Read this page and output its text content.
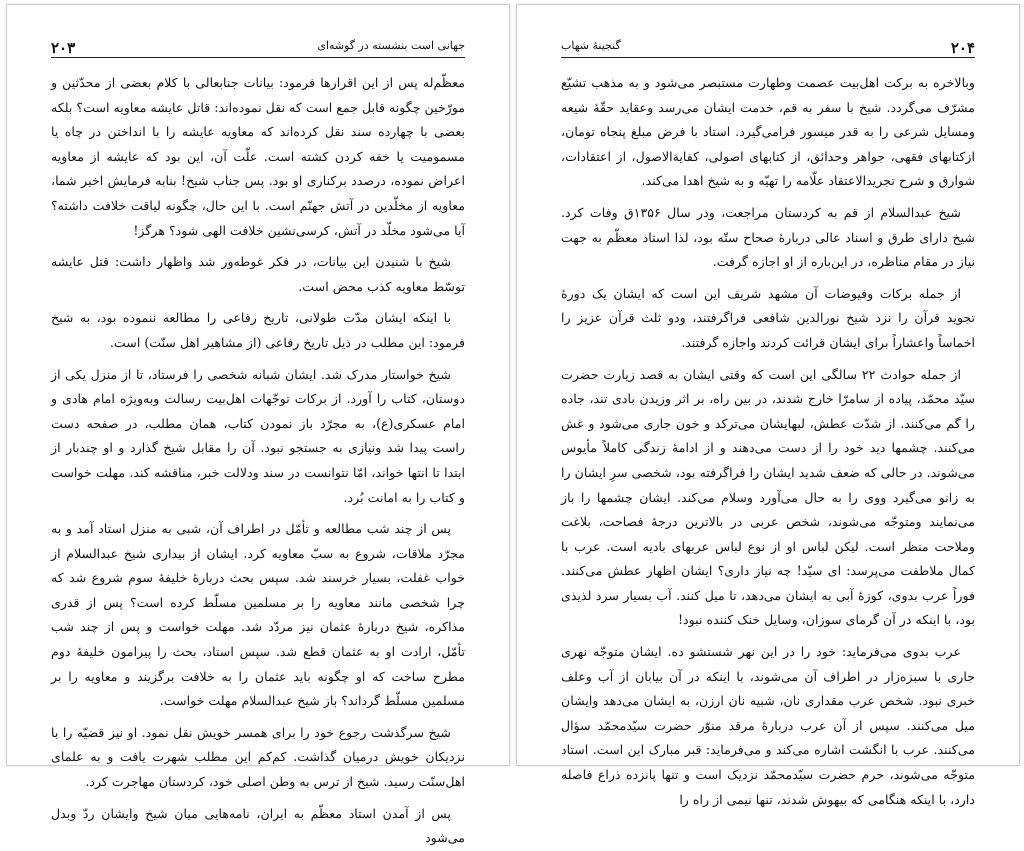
۲۰۳	جهانی است بنشسته در گوشه‌ای

معظّم‌له پس از این اقرارها فرمود: بیانات جنابعالی با کلام بعضی از محدّثین و مورّخین چگونه قابل جمع است که نقل نموده‌اند: قاتل عایشه معاویه است؟ بلکه بعضی با چهارده سند نقل کرده‌اند که معاویه عایشه را با انداختن در چاه یا مسمومیت یا خفه کردن کشته است. علّت آن، این بود که عایشه از معاویه اعراض نموده، درصدد برکناری او بود. پس جناب شیخ! بنابه فرمایش اخیر شما، معاویه از مخلّدین در آتش جهنّم است. با این حال، چگونه لیاقت خلافت داشته؟ آیا می‌شود مخلّد در آتش، کرسی‌نشین خلافت الهی شود؟ هرگز!

شیخ با شنیدن این بیانات، در فکر غوطه‌ور شد واظهار داشت: قتل عایشه توسّط معاویه کذب محض است.

با اینکه ایشان مدّت طولانی، تاریخ رفاعی را مطالعه ننموده بود، به شیخ فرمود: این مطلب در ذیل تاریخ رفاعی (از مشاهیر اهل سنّت) است.

شیخ خواستار مدرک شد. ایشان شبانه شخصی را فرستاد، تا از منزل یکی از دوستان، کتاب را آورد. از برکات توجّهات اهل‌بیت رسالت وبه‌ویژه امام هادی و امام عسکری(ع)، به مجرّد باز نمودن کتاب، همان مطلب، در صفحه دست راست پیدا شد ونیازی به جستجو نبود. آن را مقابل شیخ گذارد و او چندبار از ابتدا تا انتها خواند، امّا نتوانست در سند ودلالت خبر، مناقشه کند. مهلت خواست و کتاب را به امانت بُرد.

پس از چند شب مطالعه و تأمّل در اطراف آن، شبی به منزل استاد آمد و به مجرّد ملاقات، شروع به سبّ معاویه کرد. ایشان از بیداری شیخ عبدالسلام از خواب غفلت، بسیار خرسند شد. سپس بحث دربارهٔ خلیفهٔ سوم شروع شد که چرا شخصی مانند معاویه را بر مسلمین مسلّط کرده است؟ پس از قدری مذاکره، شیخ دربارهٔ عثمان نیز مردّد شد. مهلت خواست و پس از چند شب تأمّل، ارادت او به عثمان قطع شد. سپس استاد، بحث را پیرامون خلیفهٔ دوم مطرح ساخت که او چگونه باید عثمان را به خلافت برگزیند و معاویه را بر مسلمین مسلّط گرداند؟ باز شیخ عبدالسلام مهلت خواست.

شیخ سرگذشت رجوع خود را برای همسر خویش نقل نمود. او نیز قضیّه را با نزدیکان خویش درمیان گذاشت. کم‌کم این مطلب شهرت یافت و به علمای اهل‌سنّت رسید. شیخ از ترس به وطن اصلی خود، کردستان مهاجرت کرد.

پس از آمدن استاد معظّم به ایران، نامه‌هایی میان شیخ وایشان ردّ وبدل می‌شود

۲۰۴
گنجینهٔ شهاب

وبالاخره به برکت اهل‌بیت عصمت وطهارت مستبصر می‌شود و به مذهب تشیّع مشرّف می‌گردد. شیخ با سفر به قم، خدمت ایشان می‌رسد وعقاید حقّهٔ شیعه ومسایل شرعی را به قدر میسور فرامی‌گیرد. استاد با فرض مبلغ پنجاه تومان، ازکتابهای فقهی، جواهر وحدائق، از کتابهای اصولی، کفایةالاصول، از اعتقادات، شوارق و شرح تجریدالاعتقاد علّامه را تهیّه و به شیخ اهدا می‌کند.

شیخ عبدالسلام از قم به کردستان مراجعت، ودر سال ۱۳۵۶ق وفات کرد. شیخ دارای طرق و اسناد عالی دربارهٔ صحاح ستّه بود، لذا استاد معظّم به جهت نیاز در مقام مناظره، در این‌باره از او اجازه گرفت.

از جمله برکات وفیوضات آن مشهد شریف این است که ایشان یک دورهٔ تجوید قرآن را نزد شیخ نورالدین شافعی فراگرفتند، ودو ثلث قرآن عزیز را اخماساً واعشاراً برای ایشان قرائت کردند واجازه گرفتند.

از جمله حوادث ۲۲ سالگی این است که وقتی ایشان به قصد زیارت حضرت سیّد محمّد، پیاده از سامرّا خارج شدند، در بین راه، بر اثر وزیدن بادی تند، جاده را گم می‌کنند. از شدّت عطش، لبهایشان می‌ترکد و خون جاری می‌شود و غش می‌کنند. چشمها دید خود را از دست می‌دهند و از ادامهٔ زندگی کاملاً مأیوس می‌شوند. در حالی که ضعف شدید ایشان را فراگرفته بود، شخصی سرِ ایشان را به زانو می‌گیرد ووی را به حال می‌آورد وسلام می‌کند. ایشان چشمها را باز می‌نمایند ومتوجّه می‌شوند، شخص عربی در بالاترین درجهٔ فصاحت، بلاغت وملاحت منظر است. لیکن لباس او از نوع لباس عربهای بادیه است. عرب با کمال ملاطفت می‌پرسد: ای سیّد! چه نیاز داری؟ ایشان اظهار عطش می‌کنند. فوراً عرب بدوی، کوزهٔ آبی به ایشان می‌دهد، تا میل کنند. آب بسیار سرد لذیذی بود، با اینکه در آن گرمای سوزان، وسایل خنک کننده نبود!

عرب بدوی می‌فرماید: خود را در این نهر شستشو ده. ایشان متوجّه نهری جاری با سبزه‌زار در اطراف آن می‌شوند، با اینکه در آن بیابان از آب وعلف خبری نبود. شخص عرب مقداری نان، شبیه نان ارزن، به ایشان می‌دهد وایشان میل می‌کنند. سپس از آن عرب دربارهٔ مرقد منوّر حضرت سیّدمحمّد سؤال می‌کنند. عرب با انگشت اشاره می‌کند و می‌فرماید: قبر مبارک این است. استاد متوجّه می‌شوند، حرم حضرت سیّدمحمّد نزدیک است و تنها پانزده ذراع فاصله دارد، با اینکه هنگامی که بیهوش شدند، تنها نیمی از راه را
